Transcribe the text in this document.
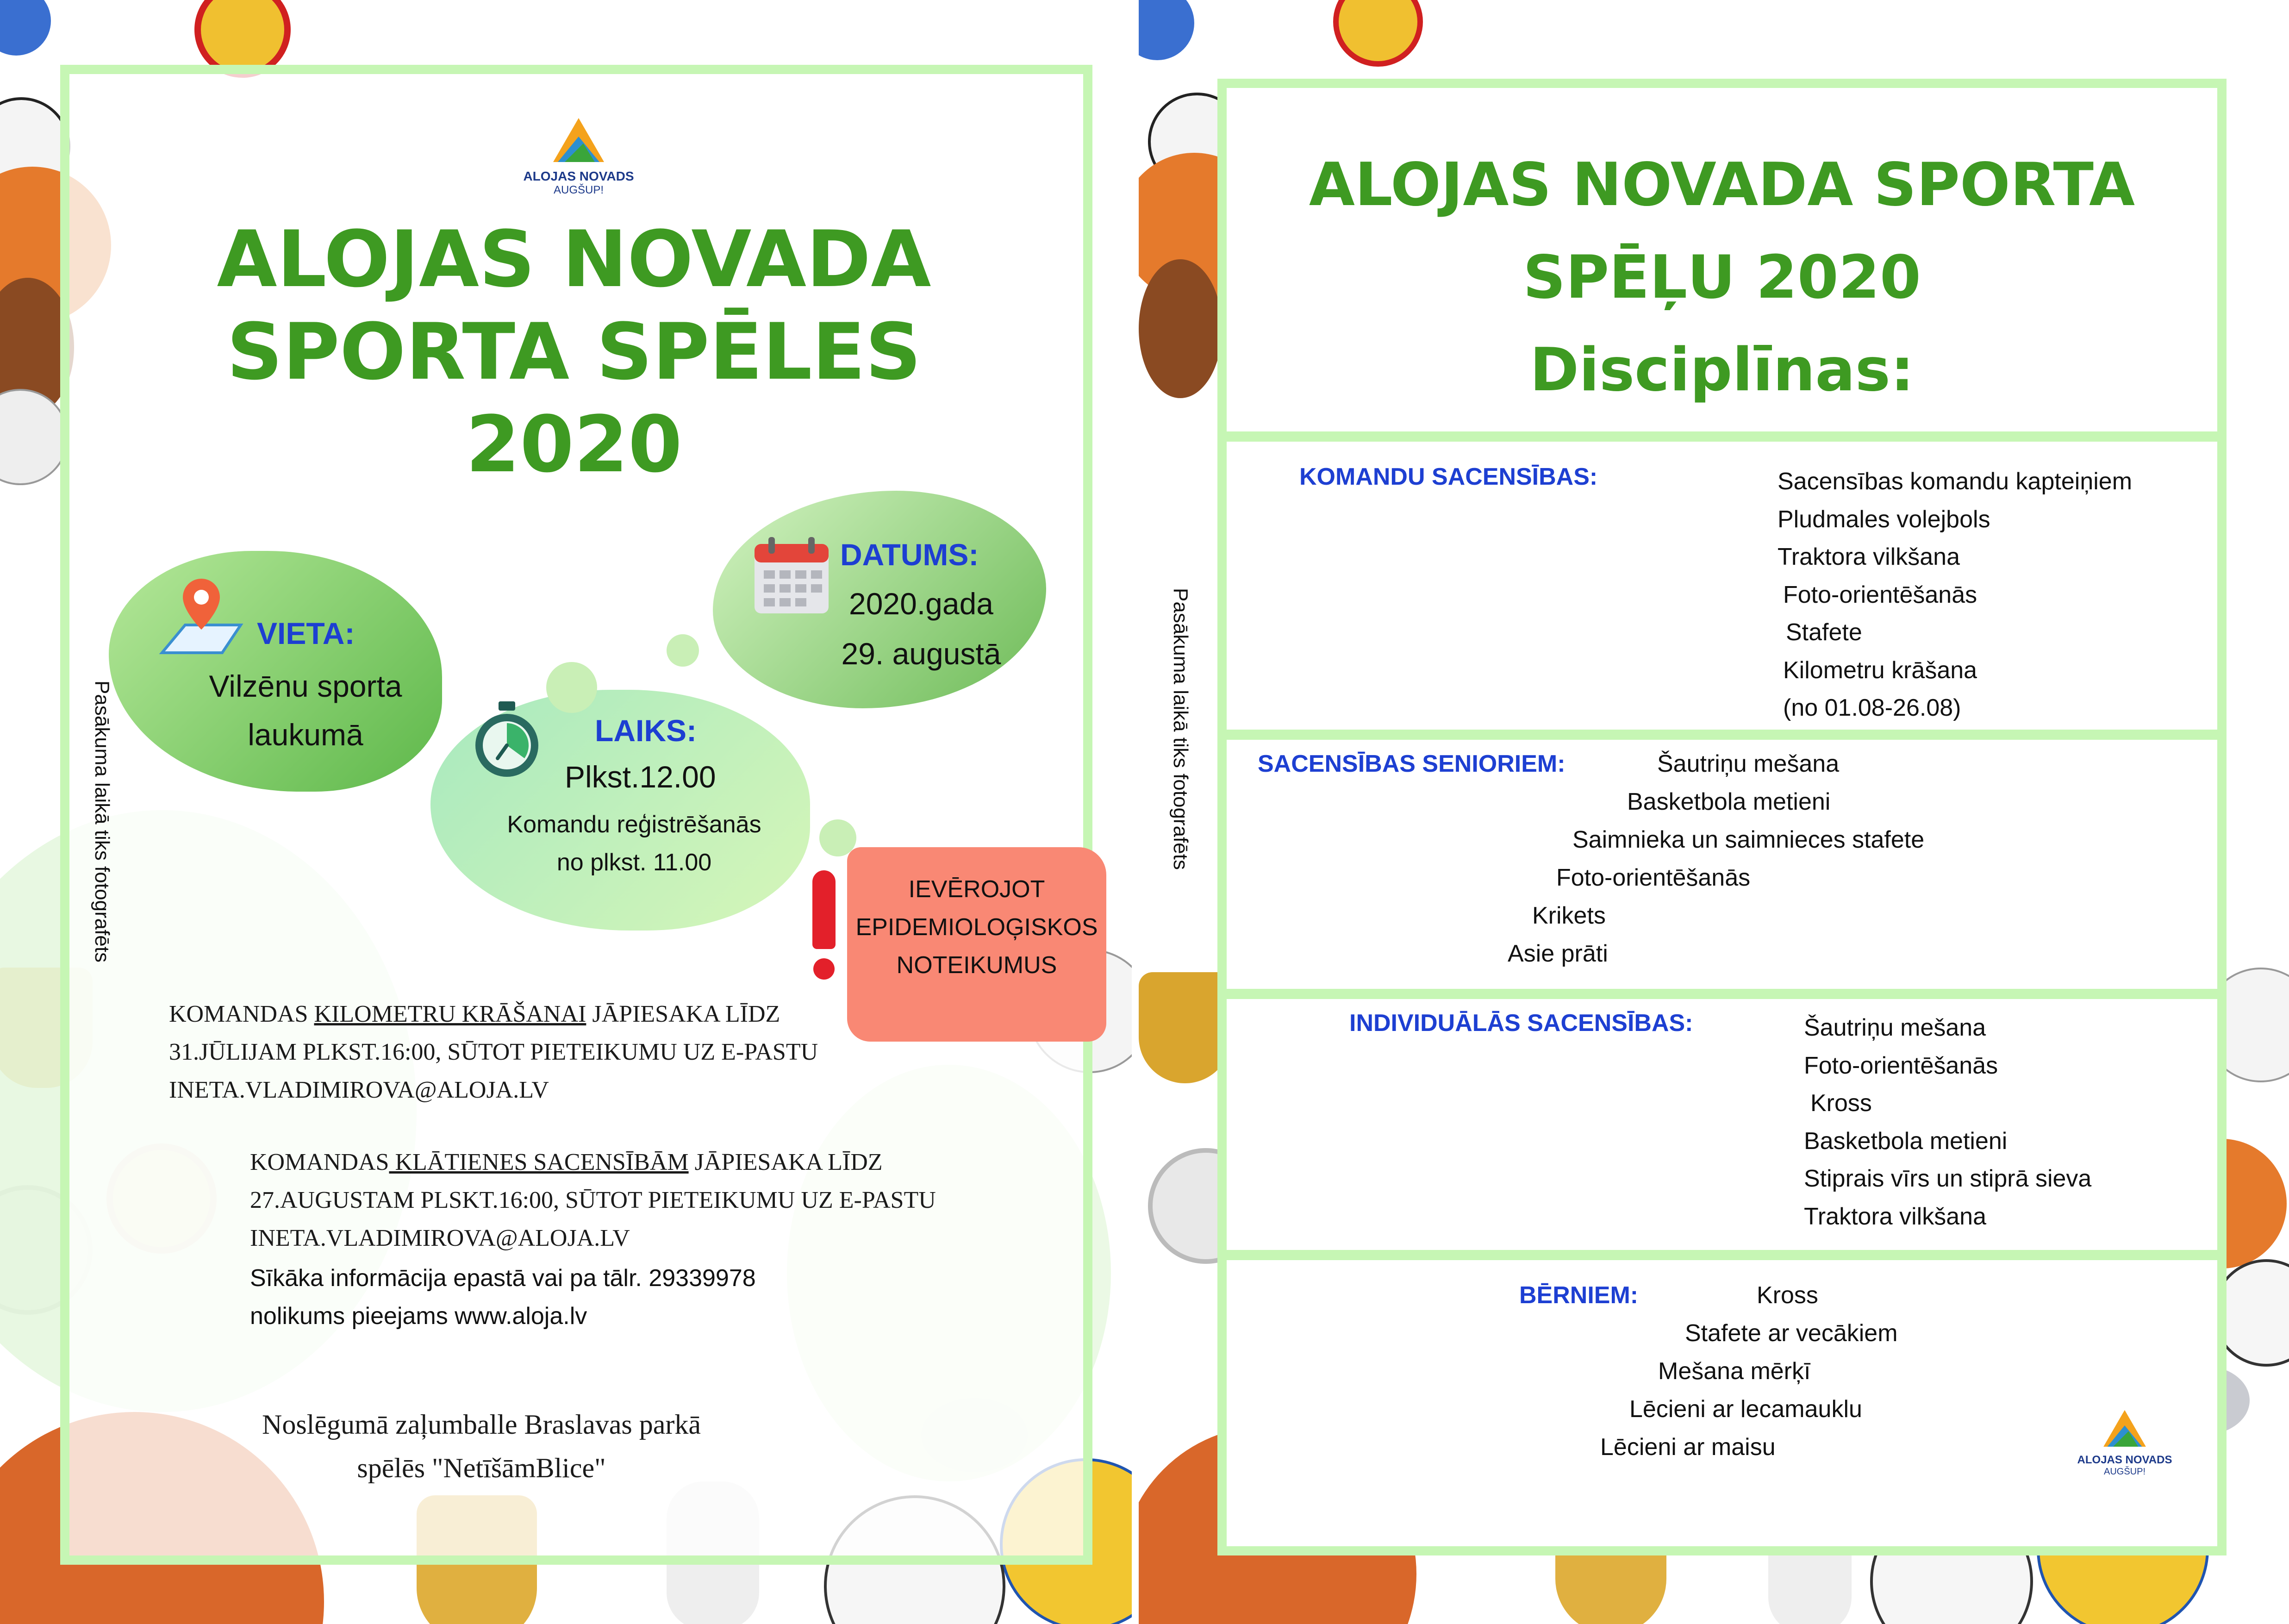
ALOJAS NOVADS
AUGŠUP!
ALOJAS NOVADA
SPORTA SPĒLES
2020
VIETA:
Vilzēnu sporta
laukumā
DATUMS:
2020.gada
29. augustā
LAIKS:
Plkst.12.00
Komandu reģistrēšanās
no plkst. 11.00
IEVĒROJOT
EPIDEMIOLOĢISKOS
NOTEIKUMUS
Pasākuma laikā tiks fotografēts
KOMANDAS KILOMETRU KRĀŠANAI JĀPIESAKA LĪDZ
31.JŪLIJAM PLKST.16:00, SŪTOT PIETEIKUMU UZ E-PASTU
INETA.VLADIMIROVA@ALOJA.LV
KOMANDAS KLĀTIENES SACENSĪBĀM JĀPIESAKA LĪDZ
27.AUGUSTAM PLSKT.16:00, SŪTOT PIETEIKUMU UZ E-PASTU
INETA.VLADIMIROVA@ALOJA.LV
Sīkāka informācija epastā vai pa tālr. 29339978
nolikums pieejams www.aloja.lv
Noslēgumā zaļumballe Braslavas parkā
spēlēs "NetīšāmBlice"
ALOJAS NOVADA SPORTA
SPĒĻU 2020
Disciplīnas:
Pasākuma laikā tiks fotografēts
KOMANDU SACENSĪBAS:	Sacensības komandu kapteiņiem
Pludmales volejbols
Traktora vilkšana
Foto-orientēšanās
Stafete
Kilometru krāšana
(no 01.08-26.08)
SACENSĪBAS SENIORIEM:	Šautriņu mešana
Basketbola metieni
Saimnieka un saimnieces stafete
Foto-orientēšanās
Krikets
Asie prāti
INDIVIDUĀLĀS SACENSĪBAS:	Šautriņu mešana
Foto-orientēšanās
Kross
Basketbola metieni
Stiprais vīrs un stiprā sieva
Traktora vilkšana
BĒRNIEM:	Kross
Stafete ar vecākiem
Mešana mērķī
Lēcieni ar lecamauklu
Lēcieni ar maisu	ALOJAS NOVADS
AUGŠUP!
